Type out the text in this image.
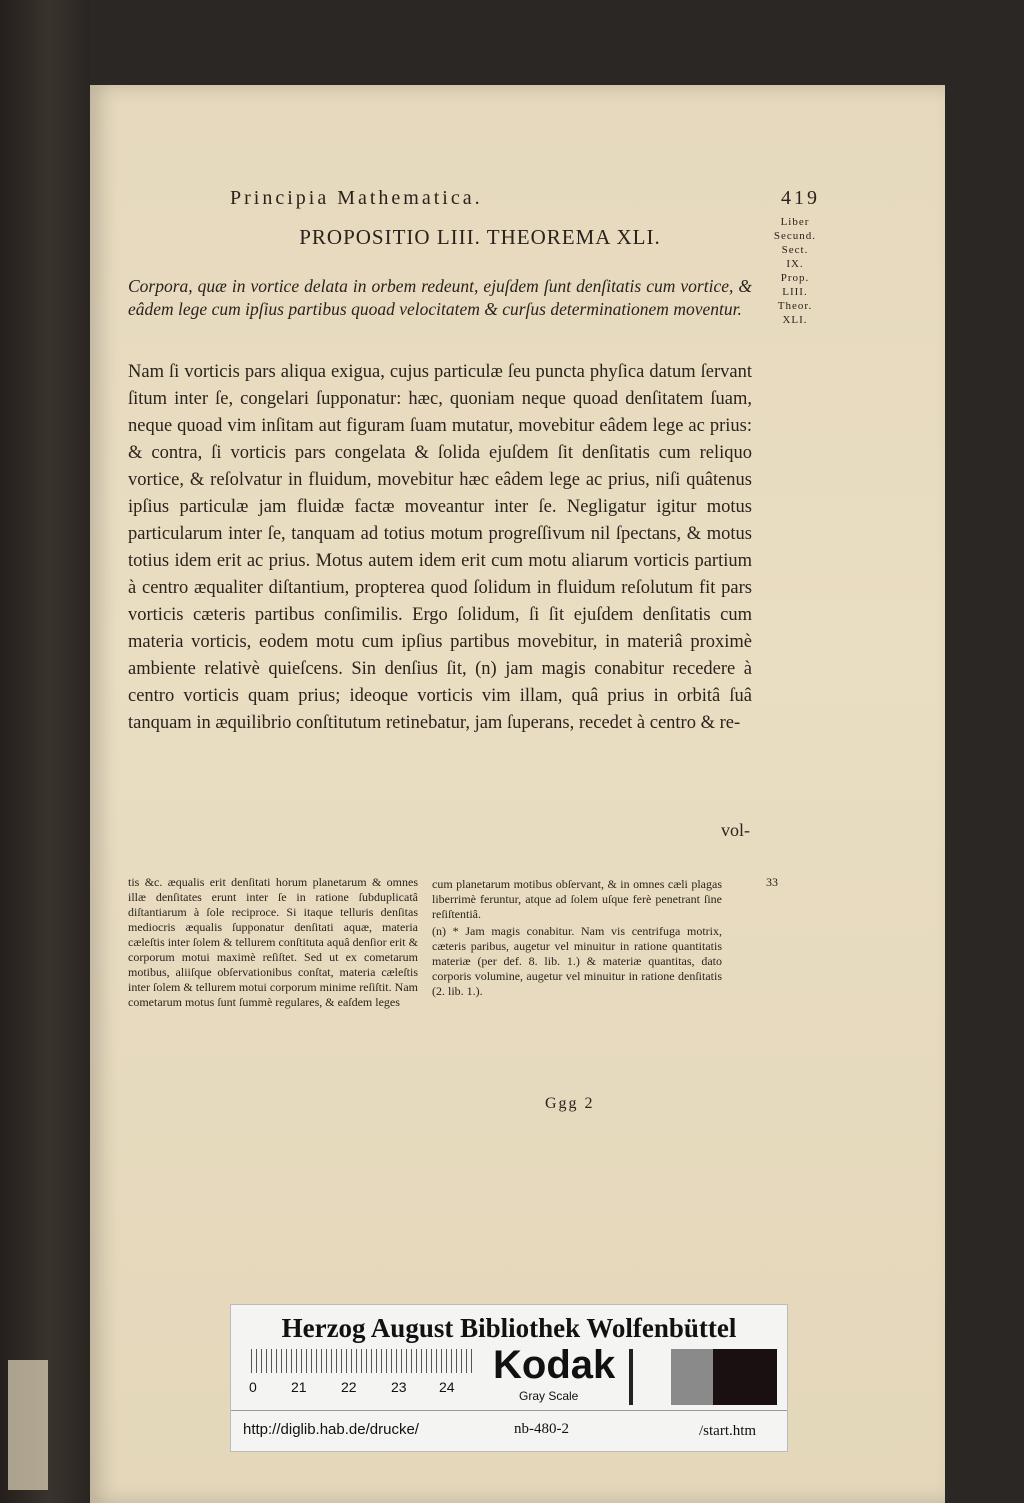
Principia Mathematica.	419
PROPOSITIO LIII. THEOREMA XLI.
Liber
Secund.
Sect.
IX.
Prop.
LIII.
Theor.
XLI.
Corpora, quæ in vortice delata in orbem redeunt, ejuſdem ſunt denſitatis cum vortice, & eâdem lege cum ipſius partibus quoad velocitatem & curſus determinationem moventur.
Nam ſi vorticis pars aliqua exigua, cujus particulæ ſeu puncta phyſica datum ſervant ſitum inter ſe, congelari ſupponatur: hæc, quoniam neque quoad denſitatem ſuam, neque quoad vim inſitam aut figuram ſuam mutatur, movebitur eâdem lege ac prius: & contra, ſi vorticis pars congelata & ſolida ejuſdem ſit denſitatis cum reliquo vortice, & reſolvatur in fluidum, movebitur hæc eâdem lege ac prius, niſi quâtenus ipſius particulæ jam fluidæ factæ moveantur inter ſe. Negligatur igitur motus particularum inter ſe, tanquam ad totius motum progreſſivum nil ſpectans, & motus totius idem erit ac prius. Motus autem idem erit cum motu aliarum vorticis partium à centro æqualiter diſtantium, propterea quod ſolidum in fluidum reſolutum fit pars vorticis cæteris partibus conſimilis. Ergo ſolidum, ſi ſit ejuſdem denſitatis cum materia vorticis, eodem motu cum ipſius partibus movebitur, in materiâ proximè ambiente relativè quieſcens. Sin denſius ſit, (n) jam magis conabitur recedere à centro vorticis quam prius; ideoque vorticis vim illam, quâ prius in orbitâ ſuâ tanquam in æquilibrio conſtitutum retinebatur, jam ſuperans, recedet à centro & re-
vol-
tis &c. æqualis erit denſitati horum planetarum & omnes illæ denſitates erunt inter ſe in ratione ſubduplicatâ diſtantiarum à ſole reciproce. Si itaque telluris denſitas mediocris æqualis ſupponatur denſitati aquæ, materia cæleſtis inter ſolem & tellurem conſtituta aquâ denſior erit & corporum motui maximè reſiſtet. Sed ut ex cometarum motibus, aliiſque obſervationibus conſtat, materia cæleſtis inter ſolem & tellurem motui corporum minime reſiſtit. Nam cometarum motus ſunt ſummè regulares, & eaſdem leges
cum planetarum motibus obſervant, & in omnes cæli plagas liberrimè feruntur, atque ad ſolem uſque ferè penetrant ſine reſiſtentiâ.
(n) * Jam magis conabitur. Nam vis centrifuga motrix, cæteris paribus, augetur vel minuitur in ratione quantitatis materiæ (per def. 8. lib. 1.) & materiæ quantitas, dato corporis volumine, augetur vel minuitur in ratione denſitatis (2. lib. 1.).
33
Ggg 2
Herzog August Bibliothek Wolfenbüttel
0 21 22 23 24 Kodak
Gray Scale
http://diglib.hab.de/drucke/	nb-480-2	/start.htm
